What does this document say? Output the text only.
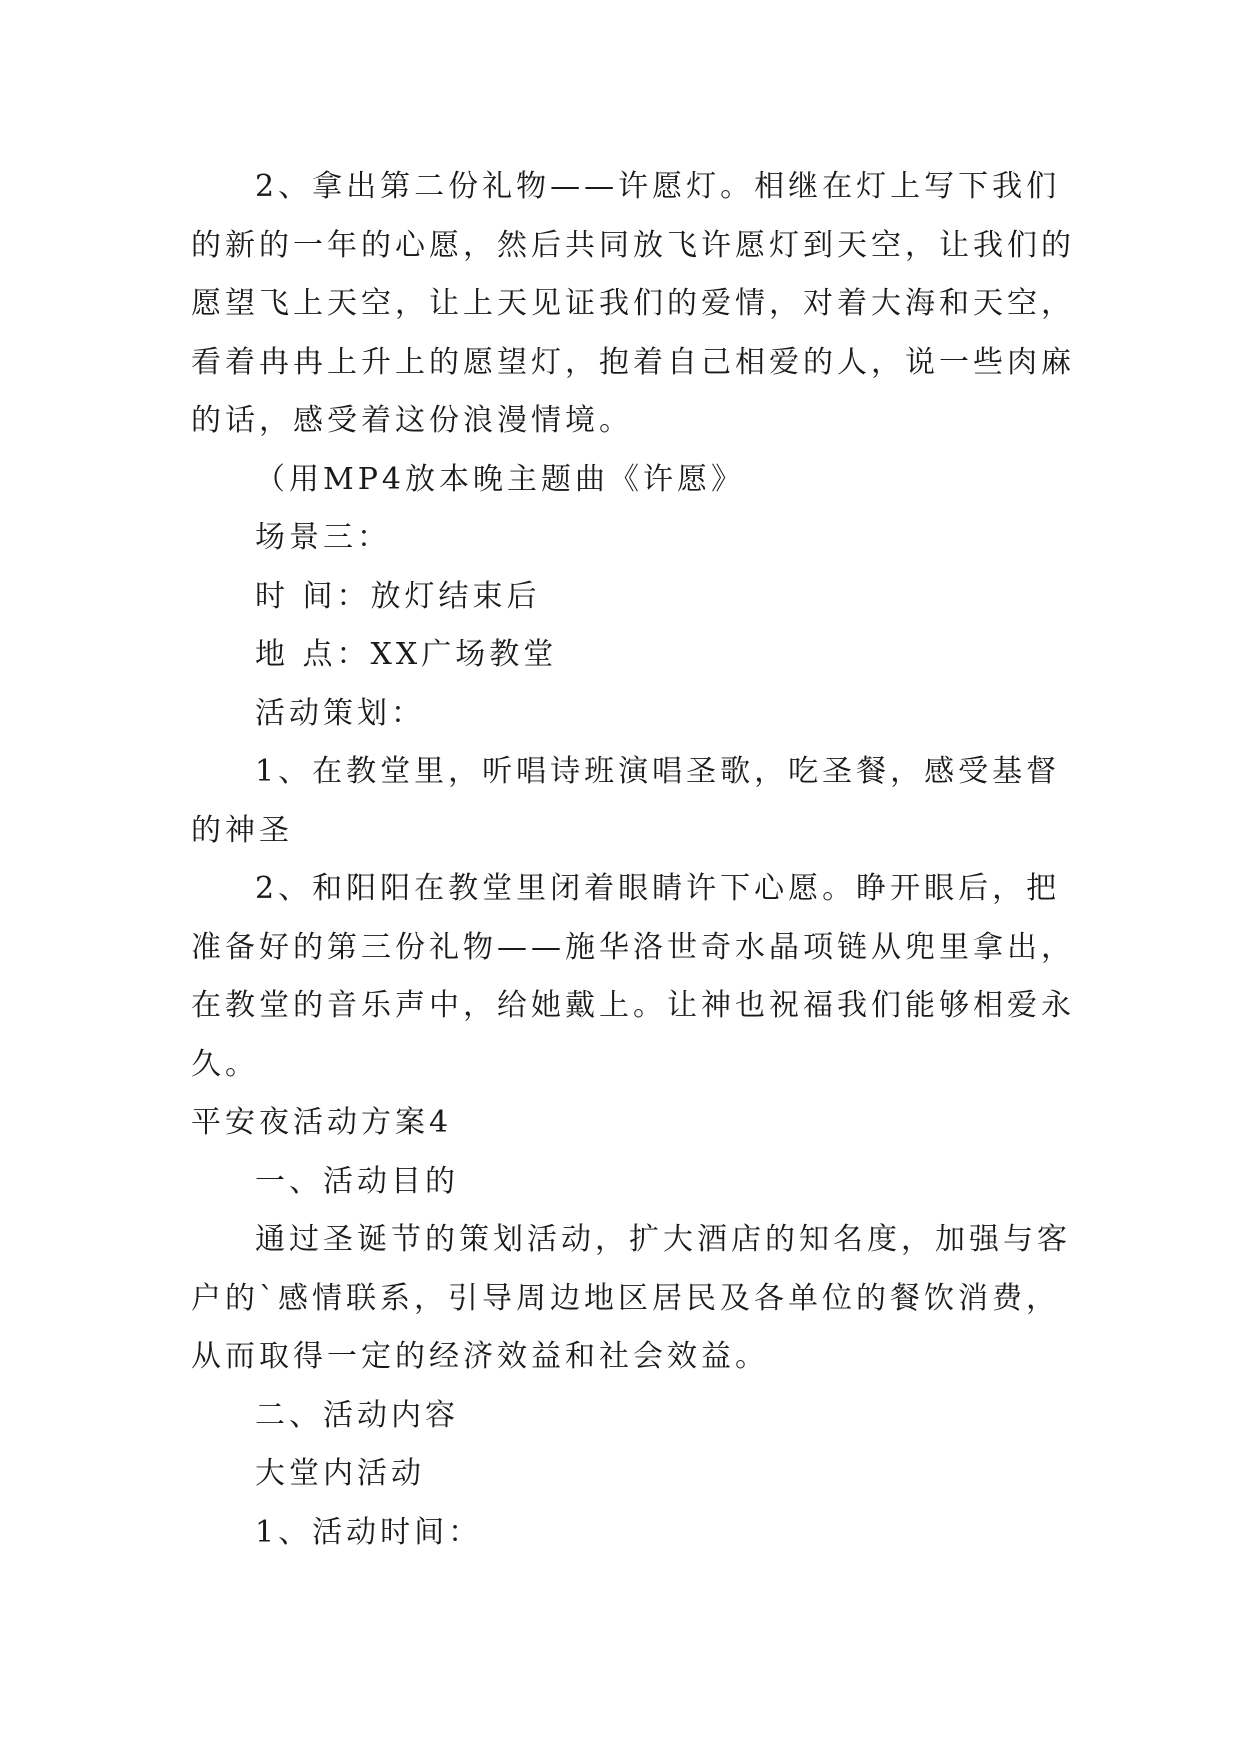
2、拿出第二份礼物——许愿灯。相继在灯上写下我们

的新的一年的心愿，然后共同放飞许愿灯到天空，让我们的

愿望飞上天空，让上天见证我们的爱情，对着大海和天空，

看着冉冉上升上的愿望灯，抱着自己相爱的人，说一些肉麻

的话，感受着这份浪漫情境。

（用MP4放本晚主题曲《许愿》

场景三：

时 间：放灯结束后

地 点：XX广场教堂

活动策划：

1、在教堂里，听唱诗班演唱圣歌，吃圣餐，感受基督

的神圣

2、和阳阳在教堂里闭着眼睛许下心愿。睁开眼后，把

准备好的第三份礼物——施华洛世奇水晶项链从兜里拿出，

在教堂的音乐声中，给她戴上。让神也祝福我们能够相爱永

久。

平安夜活动方案4

一、活动目的

通过圣诞节的策划活动，扩大酒店的知名度，加强与客

户的`感情联系，引导周边地区居民及各单位的餐饮消费，

从而取得一定的经济效益和社会效益。

二、活动内容

大堂内活动

1、活动时间：
